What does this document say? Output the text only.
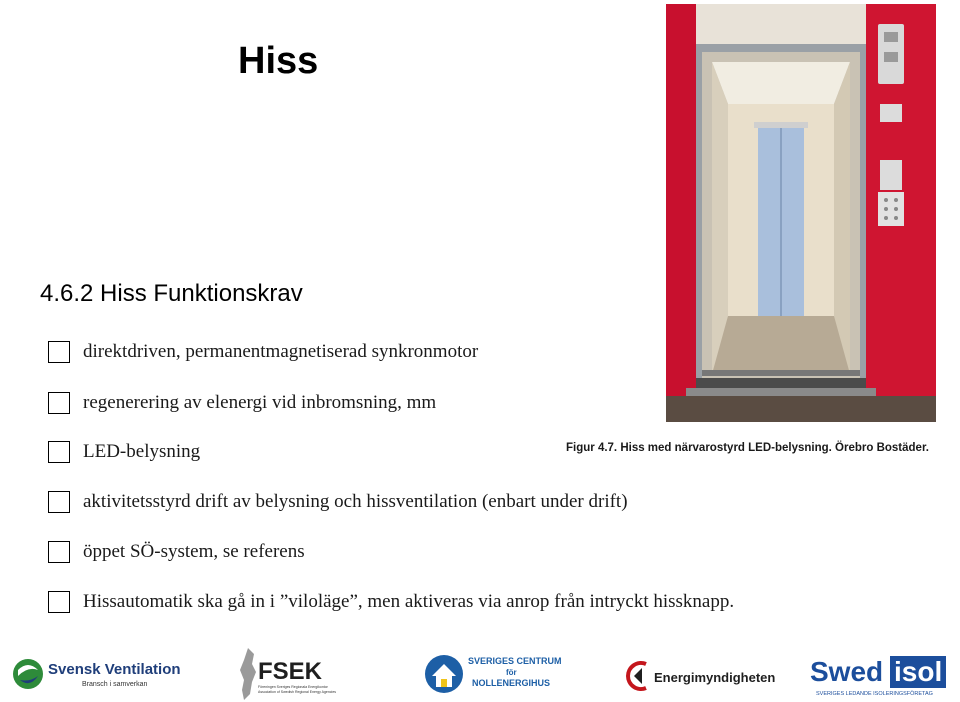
Hiss
Figur 4.7. Hiss med närvarostyrd LED-belysning. Örebro Bostäder.
4.6.2 Hiss Funktionskrav
direktdriven, permanentmagnetiserad synkronmotor
regenerering av elenergi vid inbromsning, mm
LED-belysning
aktivitetsstyrd drift av belysning och hissventilation (enbart under drift)
öppet SÖ-system, se referens
Hissautomatik ska gå in i ”viloläge”, men aktiveras via anrop från intryckt hissknapp.
Svensk Ventilation
Bransch i samverkan	FSEK
Föreningen Sveriges Regionala Energikontor
Association of Swedish Regional Energy Agencies
SVERIGES CENTRUM
för
NOLLENERGIHUS	Energimyndigheten Swed isol
SVERIGES LEDANDE ISOLERINGSFÖRETAG
